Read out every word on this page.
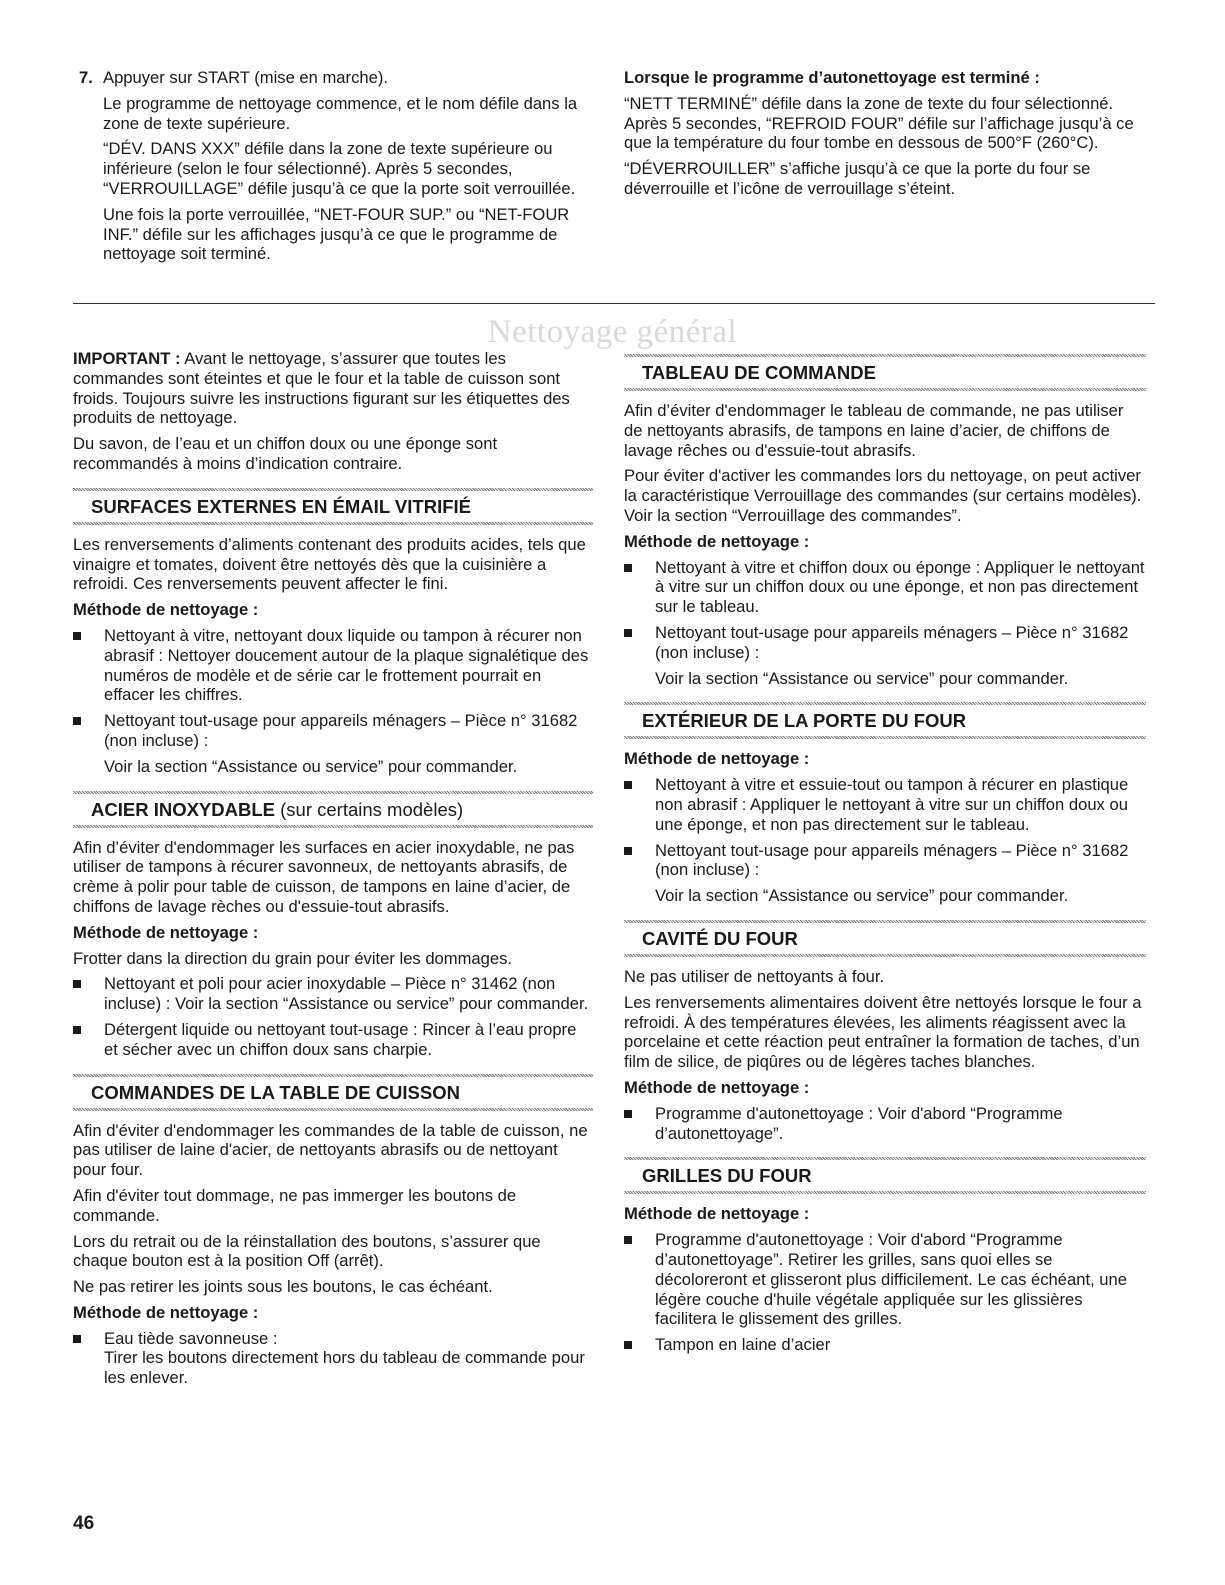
7. Appuyer sur START (mise en marche).

Le programme de nettoyage commence, et le nom défile dans la zone de texte supérieure.

“DÉV. DANS XXX” défile dans la zone de texte supérieure ou inférieure (selon le four sélectionné). Après 5 secondes, “VERROUILLAGE” défile jusqu’à ce que la porte soit verrouillée.

Une fois la porte verrouillée, “NET-FOUR SUP.” ou “NET-FOUR INF.” défile sur les affichages jusqu’à ce que le programme de nettoyage soit terminé.

Lorsque le programme d’autonettoyage est terminé :

“NETT TERMINÉ” défile dans la zone de texte du four sélectionné. Après 5 secondes, “REFROID FOUR” défile sur l’affichage jusqu’à ce que la température du four tombe en dessous de 500°F (260°C).

“DÉVERROUILLER” s’affiche jusqu’à ce que la porte du four se déverrouille et l’icône de verrouillage s’éteint.

Nettoyage général

IMPORTANT : Avant le nettoyage, s’assurer que toutes les commandes sont éteintes et que le four et la table de cuisson sont froids. Toujours suivre les instructions figurant sur les étiquettes des produits de nettoyage.

Du savon, de l’eau et un chiffon doux ou une éponge sont recommandés à moins d’indication contraire.

SURFACES EXTERNES EN ÉMAIL VITRIFIÉ

Les renversements d’aliments contenant des produits acides, tels que vinaigre et tomates, doivent être nettoyés dès que la cuisinière a refroidi. Ces renversements peuvent affecter le fini.

Méthode de nettoyage :

Nettoyant à vitre, nettoyant doux liquide ou tampon à récurer non abrasif : Nettoyer doucement autour de la plaque signalétique des numéros de modèle et de série car le frottement pourrait en effacer les chiffres.
Nettoyant tout-usage pour appareils ménagers – Pièce n° 31682 (non incluse) :

Voir la section “Assistance ou service” pour commander.

ACIER INOXYDABLE (sur certains modèles)

Afin d’éviter d'endommager les surfaces en acier inoxydable, ne pas utiliser de tampons à récurer savonneux, de nettoyants abrasifs, de crème à polir pour table de cuisson, de tampons en laine d’acier, de chiffons de lavage rèches ou d'essuie-tout abrasifs.

Méthode de nettoyage :

Frotter dans la direction du grain pour éviter les dommages.

Nettoyant et poli pour acier inoxydable – Pièce n° 31462 (non incluse) : Voir la section “Assistance ou service” pour commander.
Détergent liquide ou nettoyant tout-usage : Rincer à l’eau propre et sécher avec un chiffon doux sans charpie.
COMMANDES DE LA TABLE DE CUISSON

Afin d'éviter d'endommager les commandes de la table de cuisson, ne pas utiliser de laine d'acier, de nettoyants abrasifs ou de nettoyant pour four.

Afin d'éviter tout dommage, ne pas immerger les boutons de commande.

Lors du retrait ou de la réinstallation des boutons, s’assurer que chaque bouton est à la position Off (arrêt).

Ne pas retirer les joints sous les boutons, le cas échéant.

Méthode de nettoyage :

Eau tiède savonneuse :
Tirer les boutons directement hors du tableau de commande pour les enlever.
TABLEAU DE COMMANDE

Afin d’éviter d'endommager le tableau de commande, ne pas utiliser de nettoyants abrasifs, de tampons en laine d’acier, de chiffons de lavage rêches ou d'essuie-tout abrasifs.

Pour éviter d'activer les commandes lors du nettoyage, on peut activer la caractéristique Verrouillage des commandes (sur certains modèles). Voir la section “Verrouillage des commandes”.

Méthode de nettoyage :

Nettoyant à vitre et chiffon doux ou éponge : Appliquer le nettoyant à vitre sur un chiffon doux ou une éponge, et non pas directement sur le tableau.
Nettoyant tout-usage pour appareils ménagers – Pièce n° 31682 (non incluse) :

Voir la section “Assistance ou service” pour commander.

EXTÉRIEUR DE LA PORTE DU FOUR

Méthode de nettoyage :

Nettoyant à vitre et essuie-tout ou tampon à récurer en plastique non abrasif : Appliquer le nettoyant à vitre sur un chiffon doux ou une éponge, et non pas directement sur le tableau.
Nettoyant tout-usage pour appareils ménagers – Pièce n° 31682 (non incluse) :

Voir la section “Assistance ou service” pour commander.

CAVITÉ DU FOUR

Ne pas utiliser de nettoyants à four.

Les renversements alimentaires doivent être nettoyés lorsque le four a refroidi. À des températures élevées, les aliments réagissent avec la porcelaine et cette réaction peut entraîner la formation de taches, d’un film de silice, de piqûres ou de légères taches blanches.

Méthode de nettoyage :

Programme d'autonettoyage : Voir d'abord “Programme d’autonettoyage”.
GRILLES DU FOUR

Méthode de nettoyage :

Programme d'autonettoyage : Voir d'abord “Programme d’autonettoyage”. Retirer les grilles, sans quoi elles se décoloreront et glisseront plus difficilement. Le cas échéant, une légère couche d'huile végétale appliquée sur les glissières facilitera le glissement des grilles.
Tampon en laine d’acier
46
